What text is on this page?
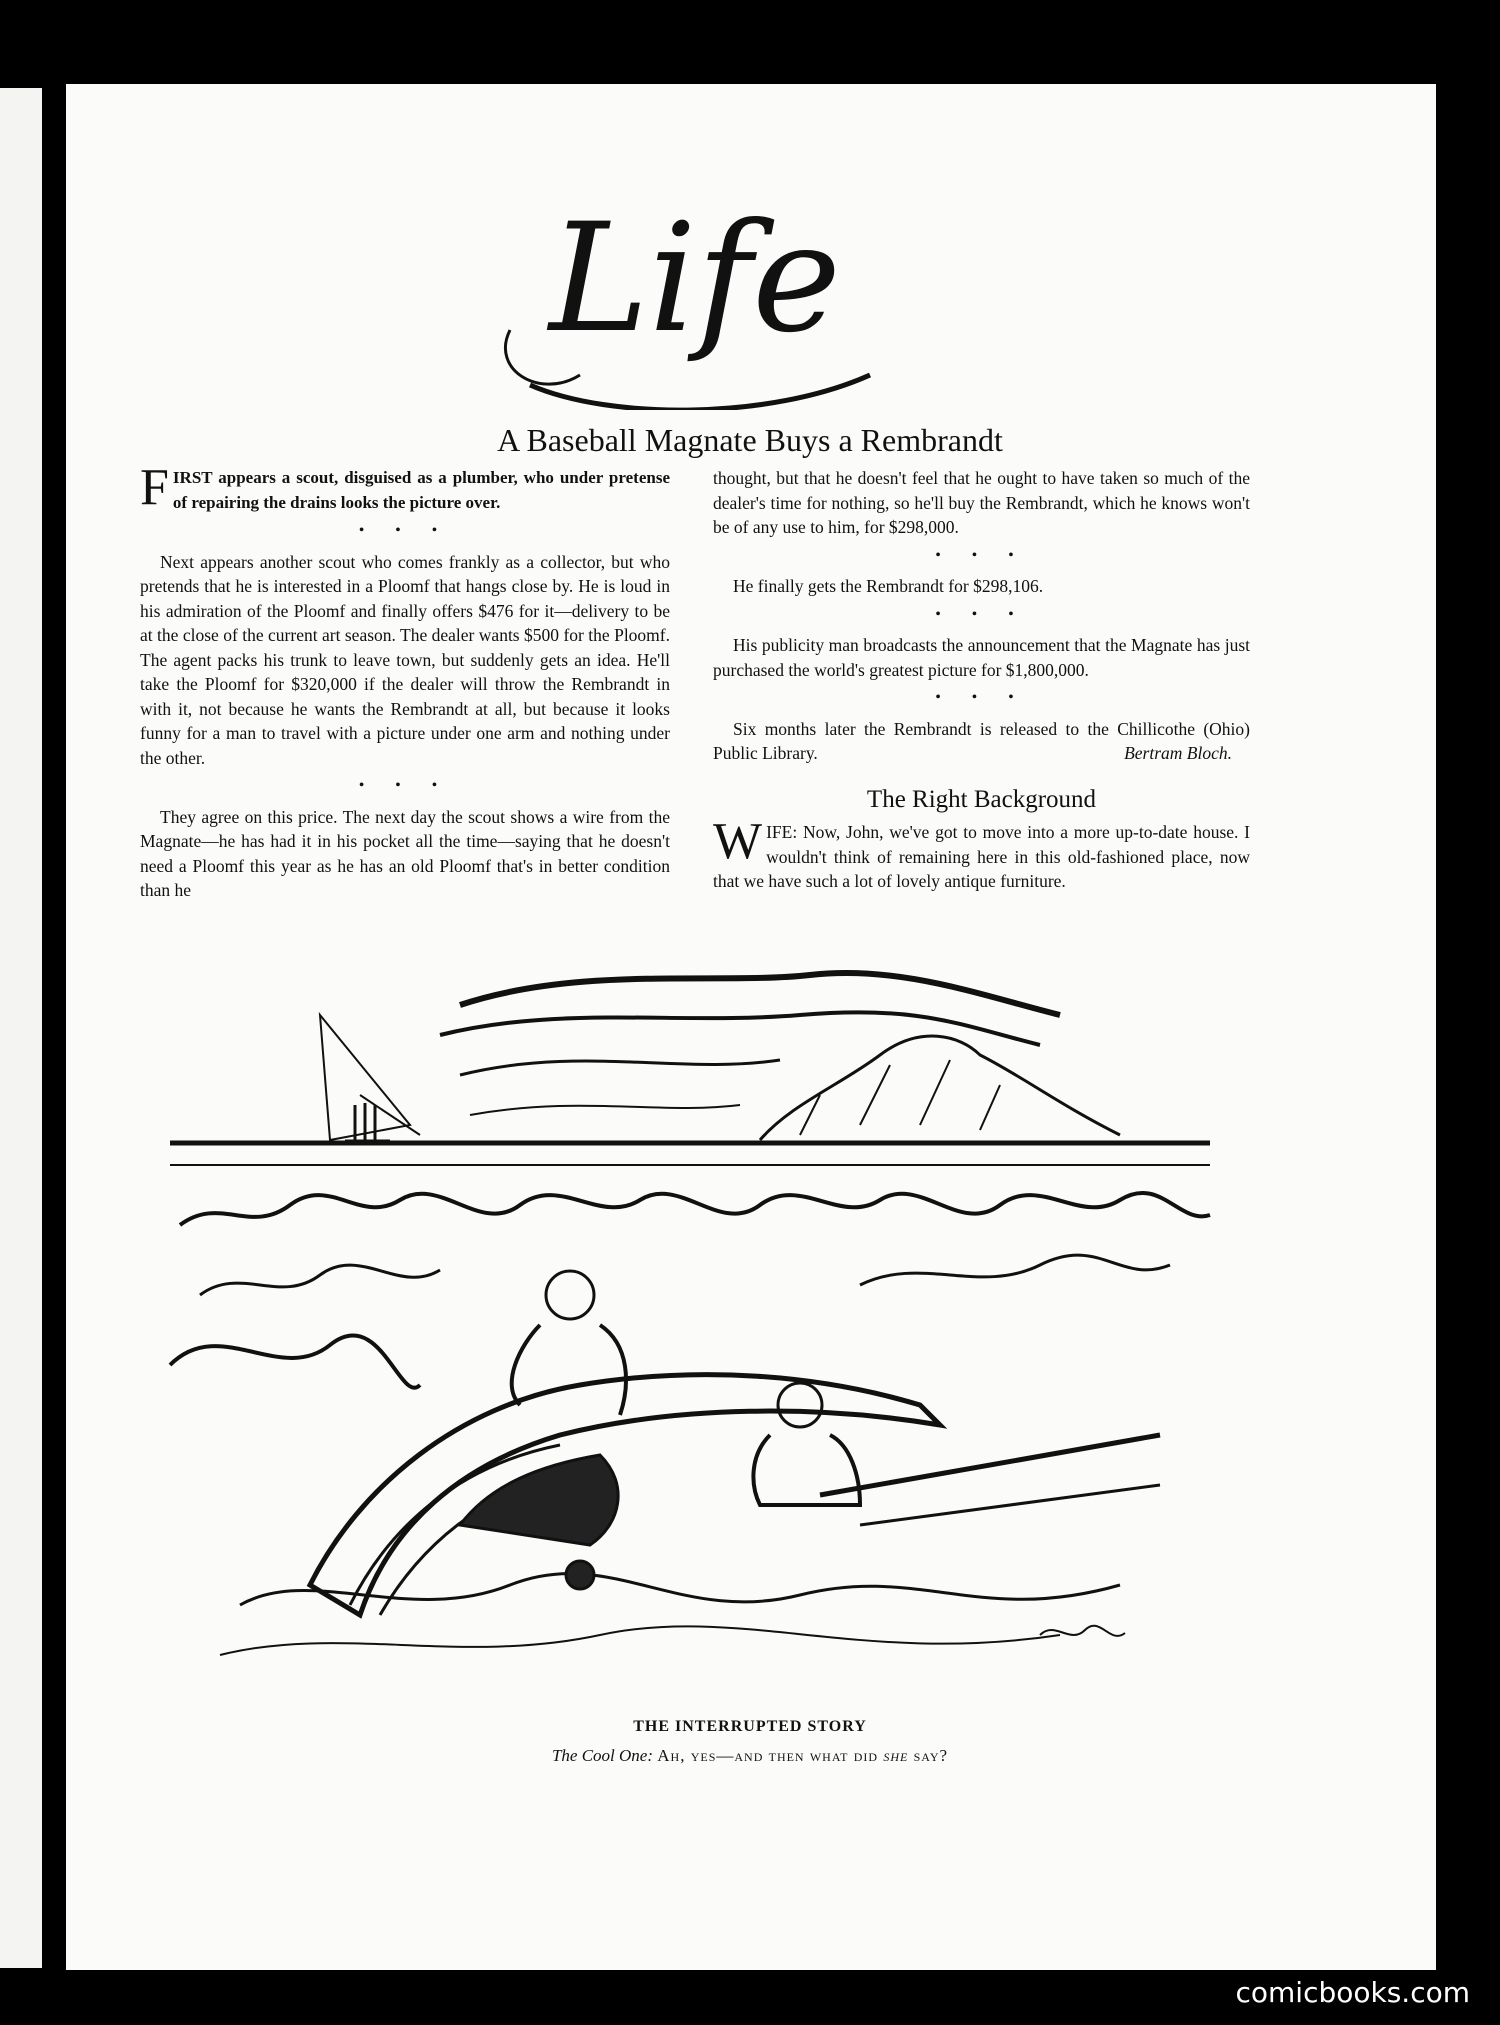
Life
A Baseball Magnate Buys a Rembrandt

FIRST appears a scout, disguised as a plumber, who under pretense of repairing the drains looks the picture over.

• • •

Next appears another scout who comes frankly as a collector, but who pretends that he is interested in a Ploomf that hangs close by. He is loud in his admiration of the Ploomf and finally offers $476 for it—delivery to be at the close of the current art season. The dealer wants $500 for the Ploomf. The agent packs his trunk to leave town, but suddenly gets an idea. He'll take the Ploomf for $320,000 if the dealer will throw the Rembrandt in with it, not because he wants the Rembrandt at all, but because it looks funny for a man to travel with a picture under one arm and nothing under the other.

• • •

They agree on this price. The next day the scout shows a wire from the Magnate—he has had it in his pocket all the time—saying that he doesn't need a Ploomf this year as he has an old Ploomf that's in better condition than he

thought, but that he doesn't feel that he ought to have taken so much of the dealer's time for nothing, so he'll buy the Rembrandt, which he knows won't be of any use to him, for $298,000.

• • •

He finally gets the Rembrandt for $298,106.

• • •

His publicity man broadcasts the announcement that the Magnate has just purchased the world's greatest picture for $1,800,000.

• • •

Six months later the Rembrandt is released to the Chillicothe (Ohio) Public Library.	Bertram Bloch.

The Right Background

WIFE: Now, John, we've got to move into a more up-to-date house. I wouldn't think of remaining here in this old-fashioned place, now that we have such a lot of lovely antique furniture.

THE INTERRUPTED STORY
The Cool One: Ah, yes—and then what did she say?
comicbooks.com
